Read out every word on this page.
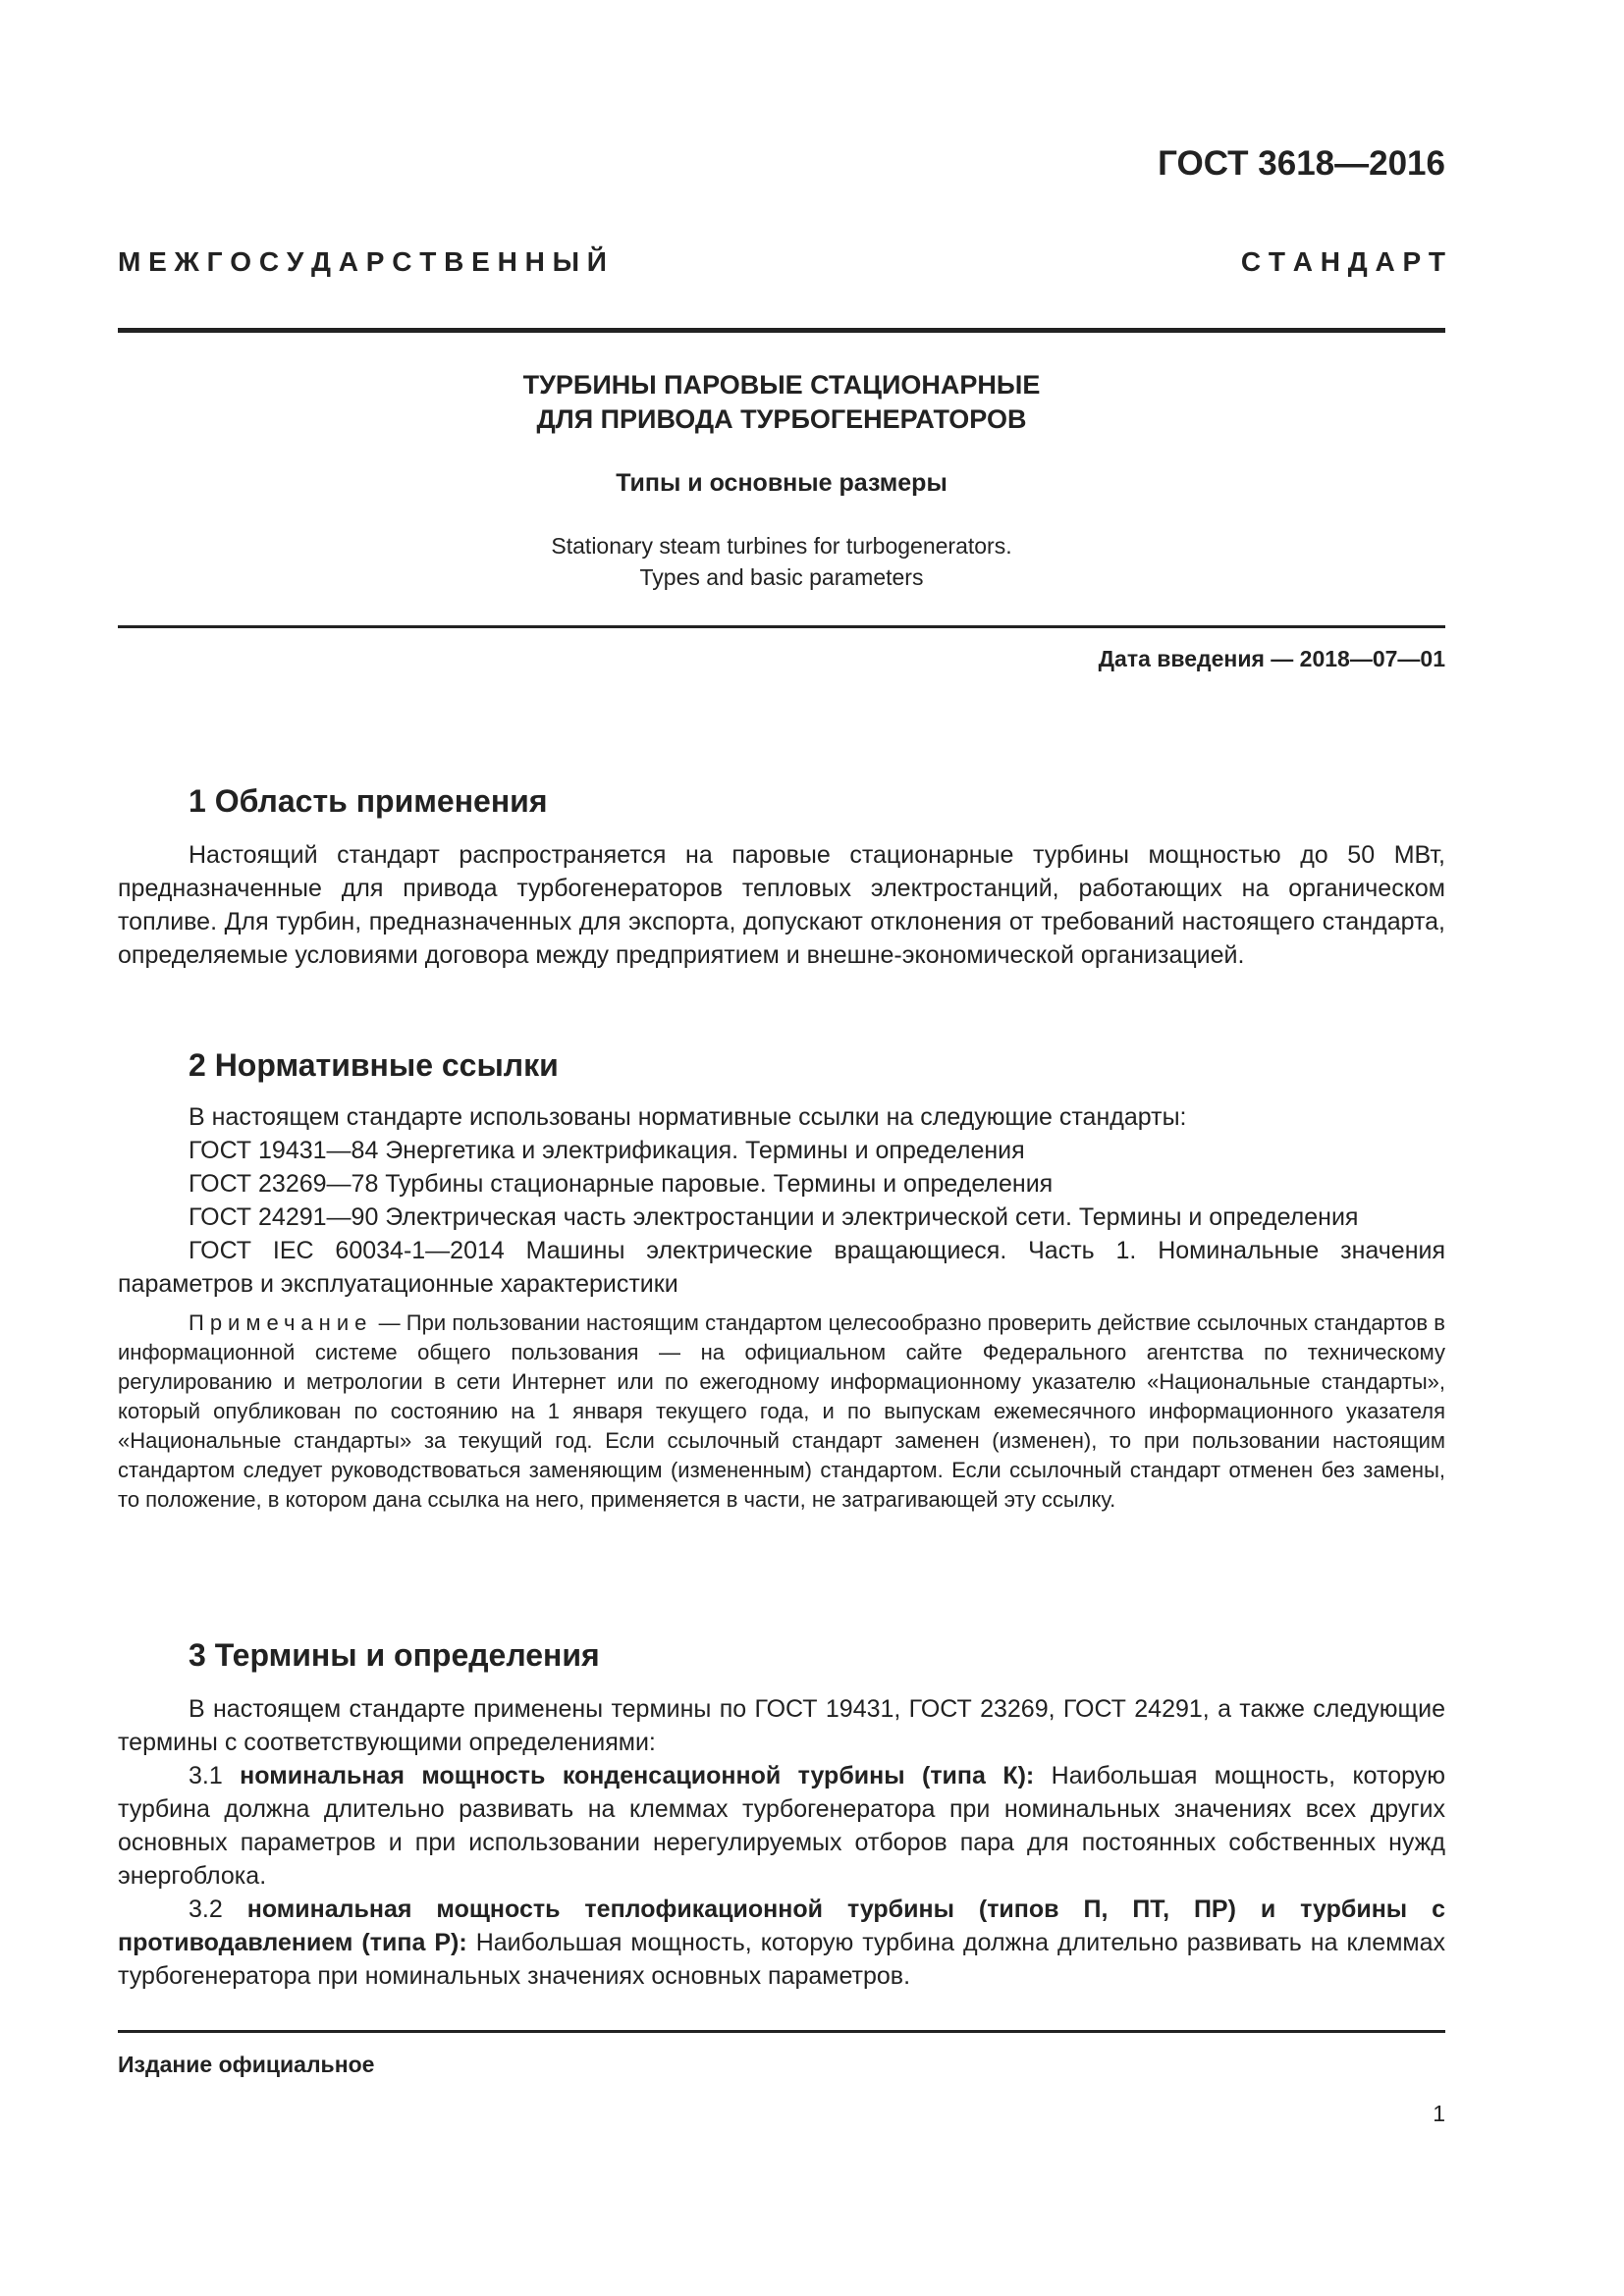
ГОСТ 3618—2016
М Е Ж Г О С У Д А Р С Т В Е Н Н Ы Й	С Т А Н Д А Р Т
ТУРБИНЫ ПАРОВЫЕ СТАЦИОНАРНЫЕ
ДЛЯ ПРИВОДА ТУРБОГЕНЕРАТОРОВ
Типы и основные размеры
Stationary steam turbines for turbogenerators.
Types and basic parameters
Дата введения — 2018—07—01
1 Область применения

Настоящий стандарт распространяется на паровые стационарные турбины мощностью до 50 МВт, предназначенные для привода турбогенераторов тепловых электростанций, работающих на органическом топливе. Для турбин, предназначенных для экспорта, допускают отклонения от требований настоящего стандарта, определяемые условиями договора между предприятием и внешне-экономической организацией.

2 Нормативные ссылки

В настоящем стандарте использованы нормативные ссылки на следующие стандарты:

ГОСТ 19431—84 Энергетика и электрификация. Термины и определения

ГОСТ 23269—78 Турбины стационарные паровые. Термины и определения

ГОСТ 24291—90 Электрическая часть электростанции и электрической сети. Термины и определения

ГОСТ IEC 60034-1—2014 Машины электрические вращающиеся. Часть 1. Номинальные значения параметров и эксплуатационные характеристики

Примечание — При пользовании настоящим стандартом целесообразно проверить действие ссылочных стандартов в информационной системе общего пользования — на официальном сайте Федерального агентства по техническому регулированию и метрологии в сети Интернет или по ежегодному информационному указателю «Национальные стандарты», который опубликован по состоянию на 1 января текущего года, и по выпускам ежемесячного информационного указателя «Национальные стандарты» за текущий год. Если ссылочный стандарт заменен (изменен), то при пользовании настоящим стандартом следует руководствоваться заменяющим (измененным) стандартом. Если ссылочный стандарт отменен без замены, то положение, в котором дана ссылка на него, применяется в части, не затрагивающей эту ссылку.

3 Термины и определения

В настоящем стандарте применены термины по ГОСТ 19431, ГОСТ 23269, ГОСТ 24291, а также следующие термины с соответствующими определениями:

3.1 номинальная мощность конденсационной турбины (типа К): Наибольшая мощность, которую турбина должна длительно развивать на клеммах турбогенератора при номинальных значениях всех других основных параметров и при использовании нерегулируемых отборов пара для постоянных собственных нужд энергоблока.

3.2 номинальная мощность теплофикационной турбины (типов П, ПТ, ПР) и турбины с противодавлением (типа Р): Наибольшая мощность, которую турбина должна длительно развивать на клеммах турбогенератора при номинальных значениях основных параметров.

Издание официальное
1
